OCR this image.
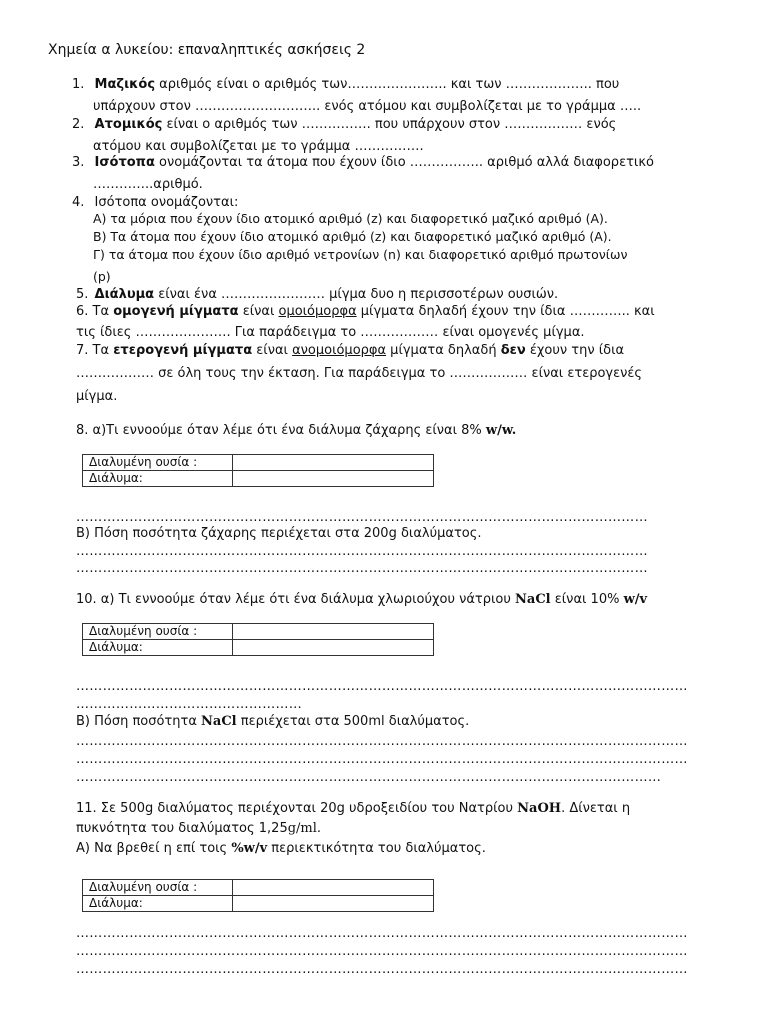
Χημεία α λυκείου: επαναληπτικές ασκήσεις 2
1. Μαζικός αριθμός είναι ο αριθμός των………………….. και των ……………….. που
υπάρχουν στον ……………………….. ενός ατόμου και συμβολίζεται με το γράμμα …..
2. Ατομικός είναι ο αριθμός των ……………. που υπάρχουν στον ……………… ενός
ατόμου και συμβολίζεται με το γράμμα …………….
3. Ισότοπα ονομάζονται τα άτομα που έχουν ίδιο …………….. αριθμό αλλά διαφορετικό
…………..αριθμό.
4. Ισότοπα ονομάζονται:
Α) τα μόρια που έχουν ίδιο ατομικό αριθμό (z) και διαφορετικό μαζικό αριθμό (Α).
Β) Τα άτομα που έχουν ίδιο ατομικό αριθμό (z) και διαφορετικό μαζικό αριθμό (Α).
Γ) τα άτομα που έχουν ίδιο αριθμό νετρονίων (n) και διαφορετικό αριθμό πρωτονίων
(p)
5. Διάλυμα είναι ένα …………………… μίγμα δυο η περισσοτέρων ουσιών.
6. Τα ομογενή μίγματα είναι ομοιόμορφα μίγματα δηλαδή έχουν την ίδια ………….. και
τις ίδιες …………………. Για παράδειγμα το ……………… είναι ομογενές μίγμα.
7. Τα ετερογενή μίγματα είναι ανομοιόμορφα μίγματα δηλαδή δεν έχουν την ίδια
……………… σε όλη τους την έκταση. Για παράδειγμα το ……………… είναι ετερογενές
μίγμα.
8. α)Τι εννοούμε όταν λέμε ότι ένα διάλυμα ζάχαρης είναι 8% w/w.
Διαλυμένη ουσία :	
Διάλυμα:	
…………………………………………………………………………………………………………………
Β) Πόση ποσότητα ζάχαρης περιέχεται στα 200g διαλύματος.
…………………………………………………………………………………………………………………
…………………………………………………………………………………………………………………
10. α) Τι εννοούμε όταν λέμε ότι ένα διάλυμα χλωριούχου νάτριου NaCl είναι 10% w/v
Διαλυμένη ουσία :	
Διάλυμα:	
…………………………………………………………………………………………………………………………
……………………………………………
Β) Πόση ποσότητα NaCl περιέχεται στα 500ml διαλύματος.
…………………………………………………………………………………………………………………………
…………………………………………………………………………………………………………………………
……………………………………………………………………………………………………………………
11. Σε 500g διαλύματος περιέχονται 20g υδροξειδίου του Νατρίου NaOH. Δίνεται η
πυκνότητα του διαλύματος 1,25g/ml.
Α) Να βρεθεί η επί τοις %w/v περιεκτικότητα του διαλύματος.
Διαλυμένη ουσία :	
Διάλυμα:	
…………………………………………………………………………………………………………………………
…………………………………………………………………………………………………………………………
…………………………………………………………………………………………………………………………
